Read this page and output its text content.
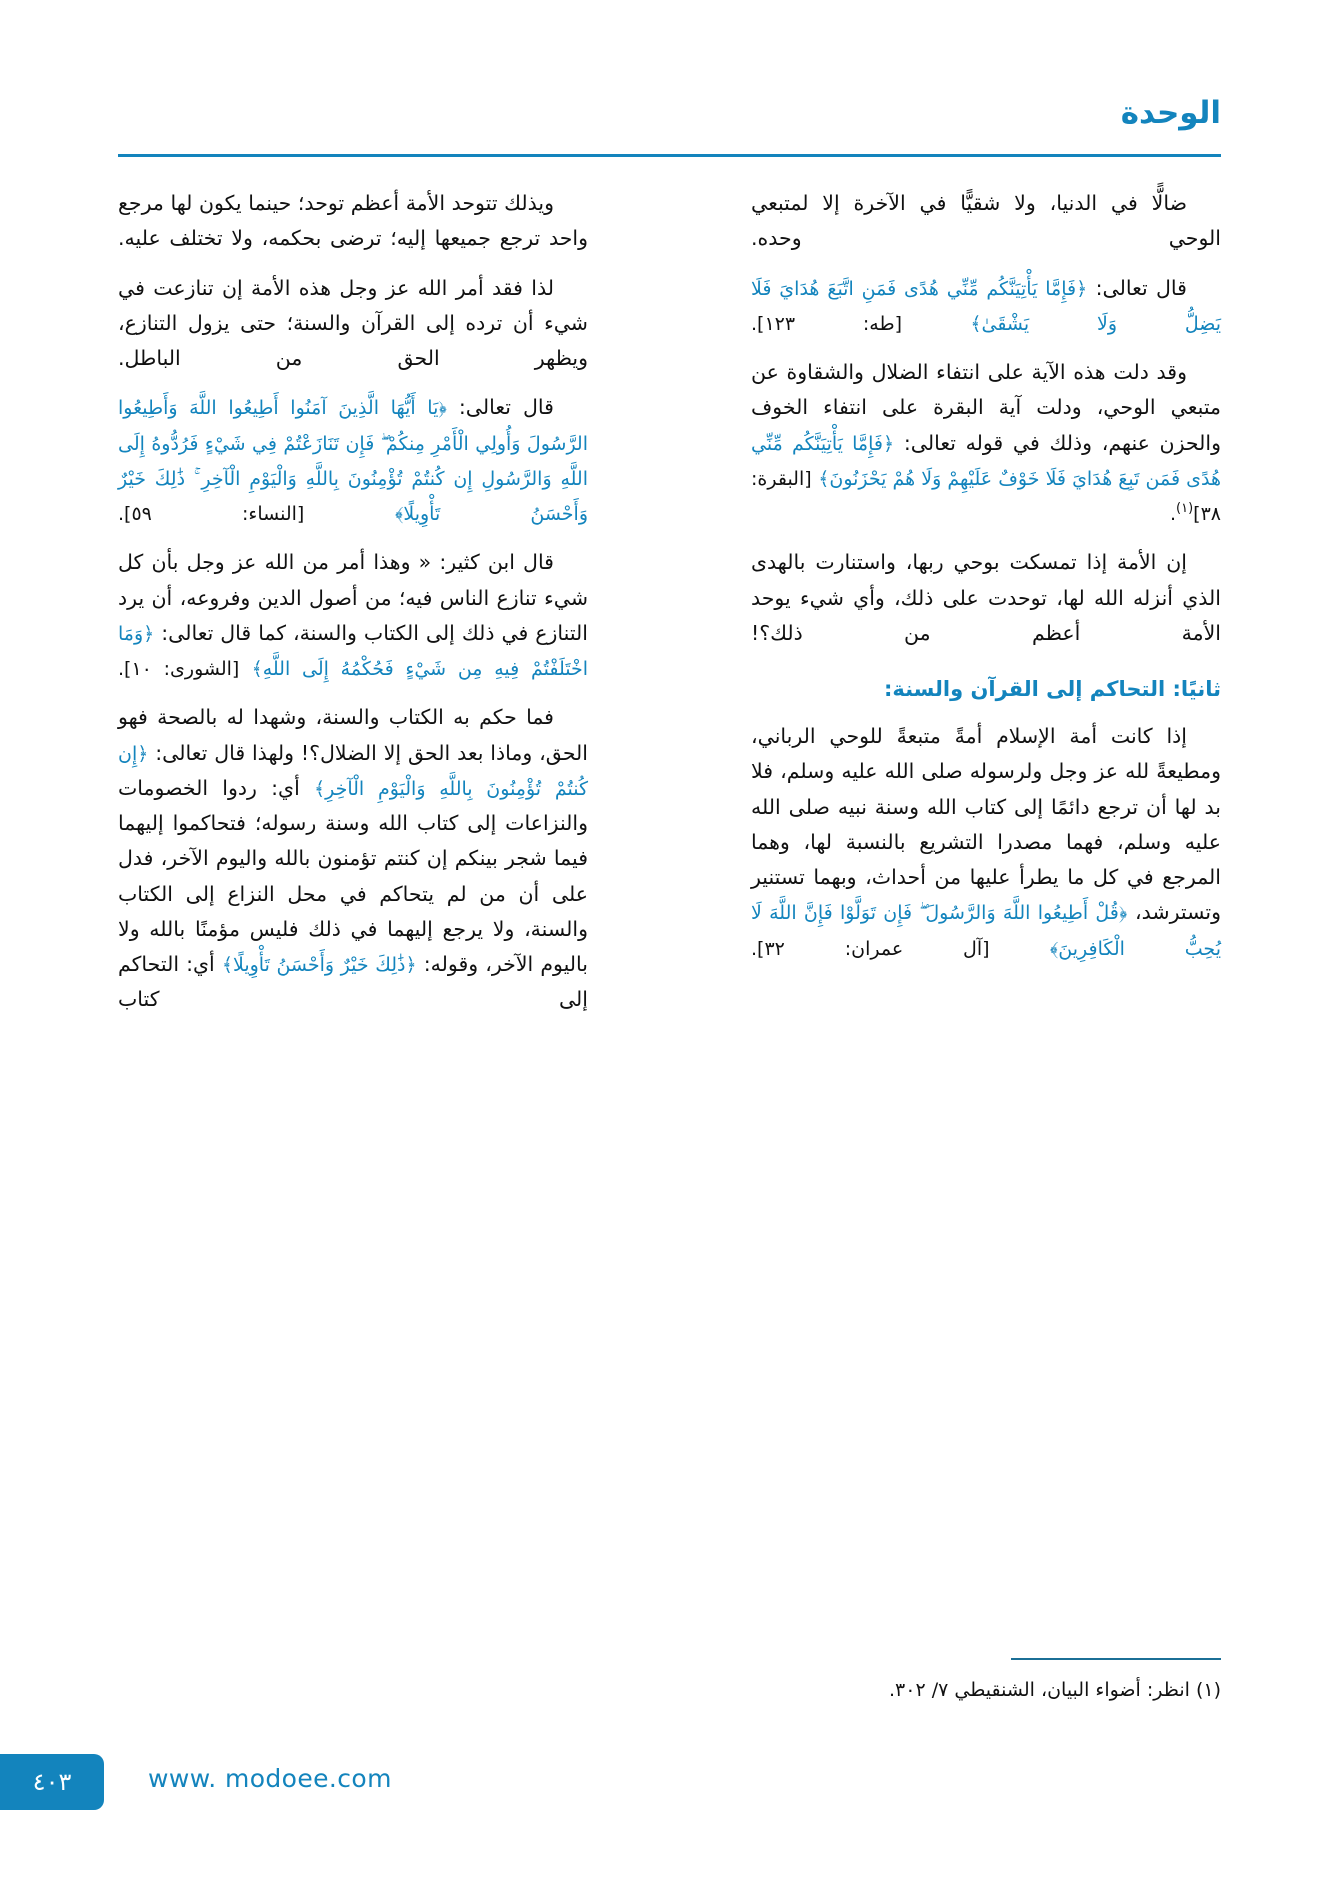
الوحدة

ضالًّا في الدنيا، ولا شقيًّا في الآخرة إلا لمتبعي الوحي وحده.

قال تعالى: ﴿فَإِمَّا يَأْتِيَنَّكُم مِّنِّي هُدًى فَمَنِ اتَّبَعَ هُدَايَ فَلَا يَضِلُّ وَلَا يَشْقَىٰ﴾ [طه: ١٢٣].

وقد دلت هذه الآية على انتفاء الضلال والشقاوة عن متبعي الوحي، ودلت آية البقرة على انتفاء الخوف والحزن عنهم، وذلك في قوله تعالى: ﴿فَإِمَّا يَأْتِيَنَّكُم مِّنِّي هُدًى فَمَن تَبِعَ هُدَايَ فَلَا خَوْفٌ عَلَيْهِمْ وَلَا هُمْ يَحْزَنُونَ﴾ [البقرة: ٣٨]$^{(١)}$.

إن الأمة إذا تمسكت بوحي ربها، واستنارت بالهدى الذي أنزله الله لها، توحدت على ذلك، وأي شيء يوحد الأمة أعظم من ذلك؟!

ثانيًا: التحاكم إلى القرآن والسنة:

إذا كانت أمة الإسلام أمةً متبعةً للوحي الرباني، ومطيعةً لله عز وجل ولرسوله صلى الله عليه وسلم، فلا بد لها أن ترجع دائمًا إلى كتاب الله وسنة نبيه صلى الله عليه وسلم، فهما مصدرا التشريع بالنسبة لها، وهما المرجع في كل ما يطرأ عليها من أحداث، وبهما تستنير وتسترشد، ﴿قُلْ أَطِيعُوا اللَّهَ وَالرَّسُولَ ۖ فَإِن تَوَلَّوْا فَإِنَّ اللَّهَ لَا يُحِبُّ الْكَافِرِينَ﴾ [آل عمران: ٣٢].

(١) انظر: أضواء البيان، الشنقيطي ٧/ ٣٠٢.

ويذلك تتوحد الأمة أعظم توحد؛ حينما يكون لها مرجع واحد ترجع جميعها إليه؛ ترضى بحكمه، ولا تختلف عليه.

لذا فقد أمر الله عز وجل هذه الأمة إن تنازعت في شيء أن ترده إلى القرآن والسنة؛ حتى يزول التنازع، ويظهر الحق من الباطل.

قال تعالى: ﴿يَا أَيُّهَا الَّذِينَ آمَنُوا أَطِيعُوا اللَّهَ وَأَطِيعُوا الرَّسُولَ وَأُولِي الْأَمْرِ مِنكُمْ ۖ فَإِن تَنَازَعْتُمْ فِي شَيْءٍ فَرُدُّوهُ إِلَى اللَّهِ وَالرَّسُولِ إِن كُنتُمْ تُؤْمِنُونَ بِاللَّهِ وَالْيَوْمِ الْآخِرِ ۚ ذَٰلِكَ خَيْرٌ وَأَحْسَنُ تَأْوِيلًا﴾ [النساء: ٥٩].

قال ابن كثير: « وهذا أمر من الله عز وجل بأن كل شيء تنازع الناس فيه؛ من أصول الدين وفروعه، أن يرد التنازع في ذلك إلى الكتاب والسنة، كما قال تعالى: ﴿وَمَا اخْتَلَفْتُمْ فِيهِ مِن شَيْءٍ فَحُكْمُهُ إِلَى اللَّهِ﴾ [الشورى: ١٠].

فما حكم به الكتاب والسنة، وشهدا له بالصحة فهو الحق، وماذا بعد الحق إلا الضلال؟! ولهذا قال تعالى: ﴿إِن كُنتُمْ تُؤْمِنُونَ بِاللَّهِ وَالْيَوْمِ الْآخِرِ﴾ أي: ردوا الخصومات والنزاعات إلى كتاب الله وسنة رسوله؛ فتحاكموا إليهما فيما شجر بينكم إن كنتم تؤمنون بالله واليوم الآخر، فدل على أن من لم يتحاكم في محل النزاع إلى الكتاب والسنة، ولا يرجع إليهما في ذلك فليس مؤمنًا بالله ولا باليوم الآخر، وقوله: ﴿ذَٰلِكَ خَيْرٌ وَأَحْسَنُ تَأْوِيلًا﴾ أي: التحاكم إلى كتاب

٤٠٣	www. modoee.com
